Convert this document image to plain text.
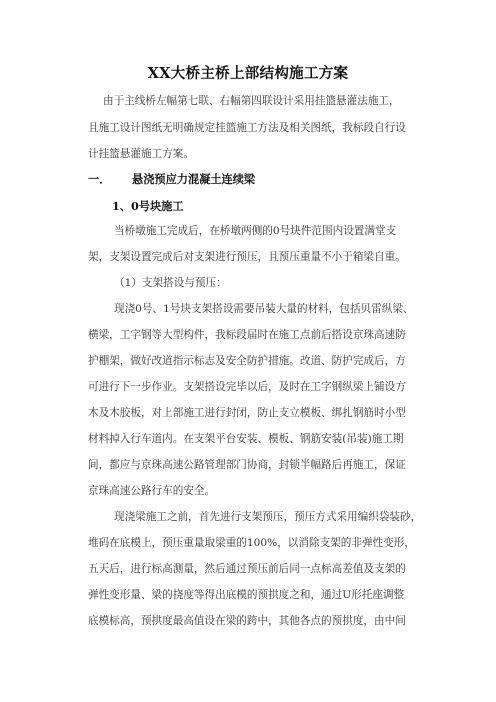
XX大桥主桥上部结构施工方案
由于主线桥左幅第七联、右幅第四联设计采用挂篮悬灌法施工，
且施工设计图纸无明确规定挂篮施工方法及相关图纸，我标段自行设
计挂篮悬灌施工方案。
一． 悬浇预应力混凝土连续梁
1、0号块施工
当桥墩施工完成后，在桥墩两侧的0号块件范围内设置满堂支
架，支架设置完成后对支架进行预压，且预压重量不小于箱梁自重。
（1）支架搭设与预压：
现浇0号、1号块支架搭设需要吊装大量的材料，包括贝雷纵梁、
横梁，工字钢等大型构件，我标段届时在施工点前后搭设京珠高速防
护棚架，做好改道指示标志及安全防护措施。改道、防护完成后，方
可进行下一步作业。支架搭设完毕以后，及时在工字钢纵梁上铺设方
木及木胶板，对上部施工进行封闭，防止支立模板、绑扎钢筋时小型
材料掉入行车道内。在支架平台安装、模板、钢筋安装(吊装)施工期
间，都应与京珠高速公路管理部门协商，封锁半幅路后再施工，保证
京珠高速公路行车的安全。
现浇梁施工之前，首先进行支架预压，预压方式采用编织袋装砂，
堆码在底模上，预压重量取梁重的100%，以消除支架的非弹性变形，
五天后，进行标高测量，然后通过预压前后同一点标高差值及支架的
弹性变形量、梁的挠度等得出底模的预拱度之和，通过U形托座调整
底模标高，预拱度最高值设在梁的跨中，其他各点的预拱度，由中间
